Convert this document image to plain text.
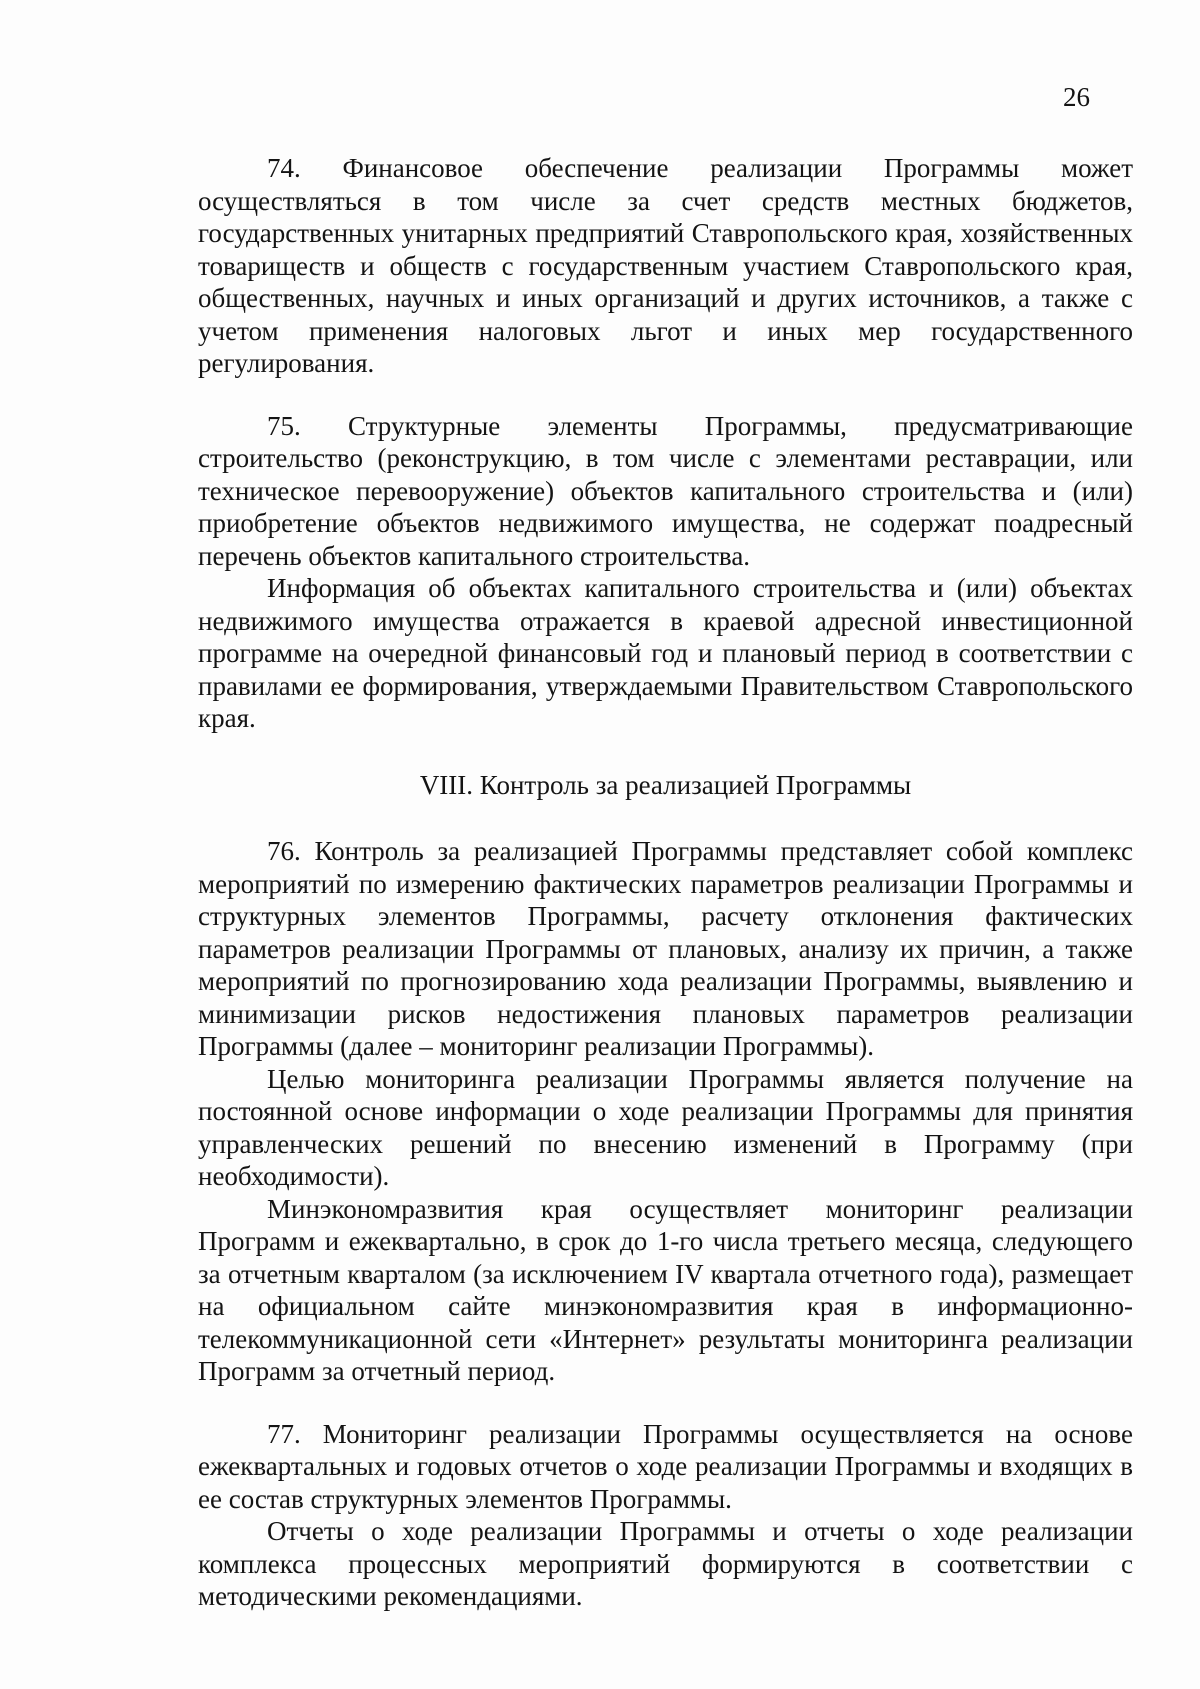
26

74. Финансовое обеспечение реализации Программы может осуществляться в том числе за счет средств местных бюджетов, государственных унитарных предприятий Ставропольского края, хозяйственных товариществ и обществ с государственным участием Ставропольского края, общественных, научных и иных организаций и других источников, а также с учетом применения налоговых льгот и иных мер государственного регулирования.

75. Структурные элементы Программы, предусматривающие строительство (реконструкцию, в том числе с элементами реставрации, или техническое перевооружение) объектов капитального строительства и (или) приобретение объектов недвижимого имущества, не содержат поадресный перечень объектов капитального строительства.

Информация об объектах капитального строительства и (или) объектах недвижимого имущества отражается в краевой адресной инвестиционной программе на очередной финансовый год и плановый период в соответствии с правилами ее формирования, утверждаемыми Правительством Ставропольского края.

VIII. Контроль за реализацией Программы

76. Контроль за реализацией Программы представляет собой комплекс мероприятий по измерению фактических параметров реализации Программы и структурных элементов Программы, расчету отклонения фактических параметров реализации Программы от плановых, анализу их причин, а также мероприятий по прогнозированию хода реализации Программы, выявлению и минимизации рисков недостижения плановых параметров реализации Программы (далее – мониторинг реализации Программы).

Целью мониторинга реализации Программы является получение на постоянной основе информации о ходе реализации Программы для принятия управленческих решений по внесению изменений в Программу (при необходимости).

Минэкономразвития края осуществляет мониторинг реализации Программ и ежеквартально, в срок до 1-го числа третьего месяца, следующего за отчетным кварталом (за исключением IV квартала отчетного года), размещает на официальном сайте минэкономразвития края в информационно-телекоммуникационной сети «Интернет» результаты мониторинга реализации Программ за отчетный период.

77. Мониторинг реализации Программы осуществляется на основе ежеквартальных и годовых отчетов о ходе реализации Программы и входящих в ее состав структурных элементов Программы.

Отчеты о ходе реализации Программы и отчеты о ходе реализации комплекса процессных мероприятий формируются в соответствии с методическими рекомендациями.
